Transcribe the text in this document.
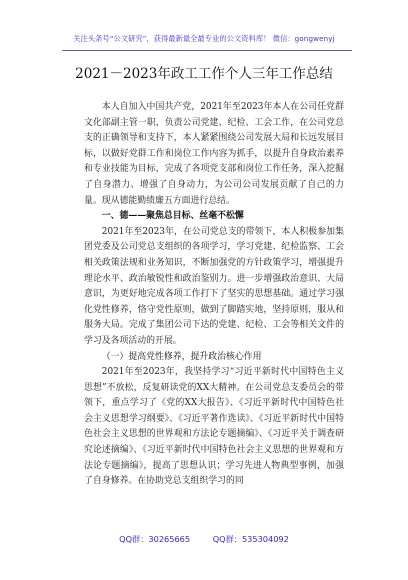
关注头条号“公文研究”，获得最新最全最专业的公文资料库！ 微信：gongwenyj
2021－2023年政工工作个人三年工作总结

本人自加入中国共产党，2021年至2023年本人在公司任党群文化部副主管一职，负责公司党建、纪检、工会工作，在公司党总支的正确领导和支持下，本人紧紧围绕公司发展大局和长远发展目标，以做好党群工作和岗位工作内容为抓手，以提升自身政治素养和专业技能为目标，完成了各项党支部和岗位工作任务，深入挖掘了自身潜力、增强了自身动力，为公司公司发展贡献了自己的力量。现从德能勤绩廉五方面进行总结。

一、德——聚焦总目标、丝毫不松懈

2021年至2023年，在公司党总支的带领下，本人积极参加集团党委及公司党总支组织的各项学习，学习党建、纪检监察、工会相关政策法规和业务知识，不断加强党的方针政策学习，增强提升理论水平、政治敏锐性和政治鉴别力。进一步增强政治意识、大局意识，为更好地完成各项工作打下了坚实的思想基础。通过学习强化党性修养，恪守党性原则，做到了脚踏实地，坚持原则，服从和服务大局。完成了集团公司下达的党建、纪检、工会等相关文件的学习及各项活动的开展。

（一）提高党性修养，提升政治核心作用

2021年至2023年，我坚持学习“习近平新时代中国特色主义思想”不放松，反复研读党的XX大精神。在公司党总支委员会的带领下，重点学习了《党的XX大报告》、《习近平新时代中国特色社会主义思想学习纲要》、《习近平著作选读》、《习近平新时代中国特色社会主义思想的世界观和方法论专题摘编》、《习近平关于调查研究论述摘编》、《习近平新时代中国特色社会主义思想的世界观和方法论专题摘编》，提高了思想认识；学习先进人物典型事例，加强了自身修养。在协助党总支组织学习的同

QQ群：30265665	QQ群：535304092
